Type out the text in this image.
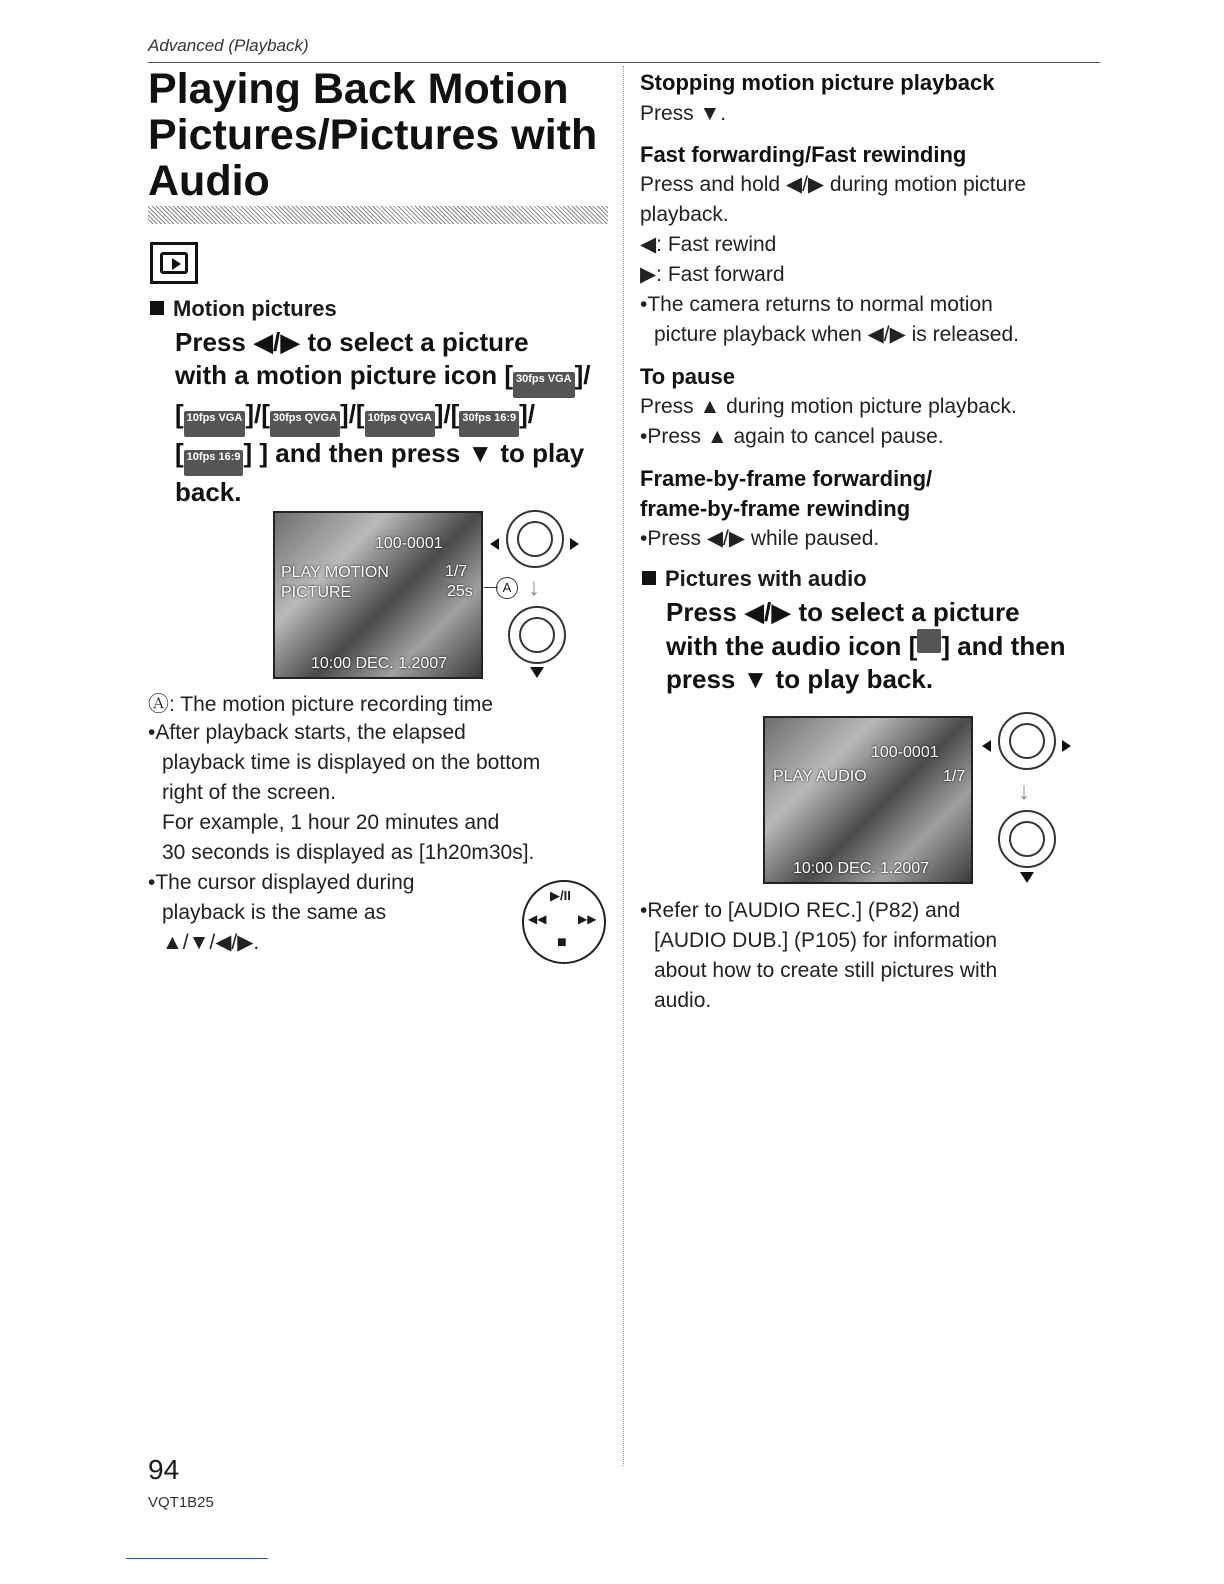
Advanced (Playback)
Playing Back Motion Pictures/Pictures with Audio
Motion pictures
Press ◀/▶ to select a picture
with a motion picture icon [ 30fps VGA ]/
[ 10fps VGA ]/[ 30fps QVGA ]/[ 10fps QVGA ]/[ 30fps 16:9 ]/
[ 10fps 16:9 ] ] and then press ▼ to play
back.
100-0001
PLAY MOTION PICTURE
1/7
25s
10:00 DEC. 1.2007
A ↓
Ⓐ: The motion picture recording time
•After playback starts, the elapsed
playback time is displayed on the bottom
right of the screen.
For example, 1 hour 20 minutes and
30 seconds is displayed as [1h20m30s].
•The cursor displayed during
playback is the same as
▲/▼/◀/▶.
▶/II
◀◀	▶▶
■
Stopping motion picture playback
Press ▼.
Fast forwarding/Fast rewinding
Press and hold ◀/▶ during motion picture
playback.
◀: Fast rewind
▶: Fast forward
•The camera returns to normal motion
picture playback when ◀/▶ is released.
To pause
Press ▲ during motion picture playback.
•Press ▲ again to cancel pause.
Frame-by-frame forwarding/
frame-by-frame rewinding
•Press ◀/▶ while paused.
Pictures with audio
Press ◀/▶ to select a picture
with the audio icon [ ] and then
press ▼ to play back.
100-0001
PLAY AUDIO	1/7
10:00 DEC. 1.2007
↓
•Refer to [AUDIO REC.] (P82) and
[AUDIO DUB.] (P105) for information
about how to create still pictures with
audio.
94
VQT1B25
